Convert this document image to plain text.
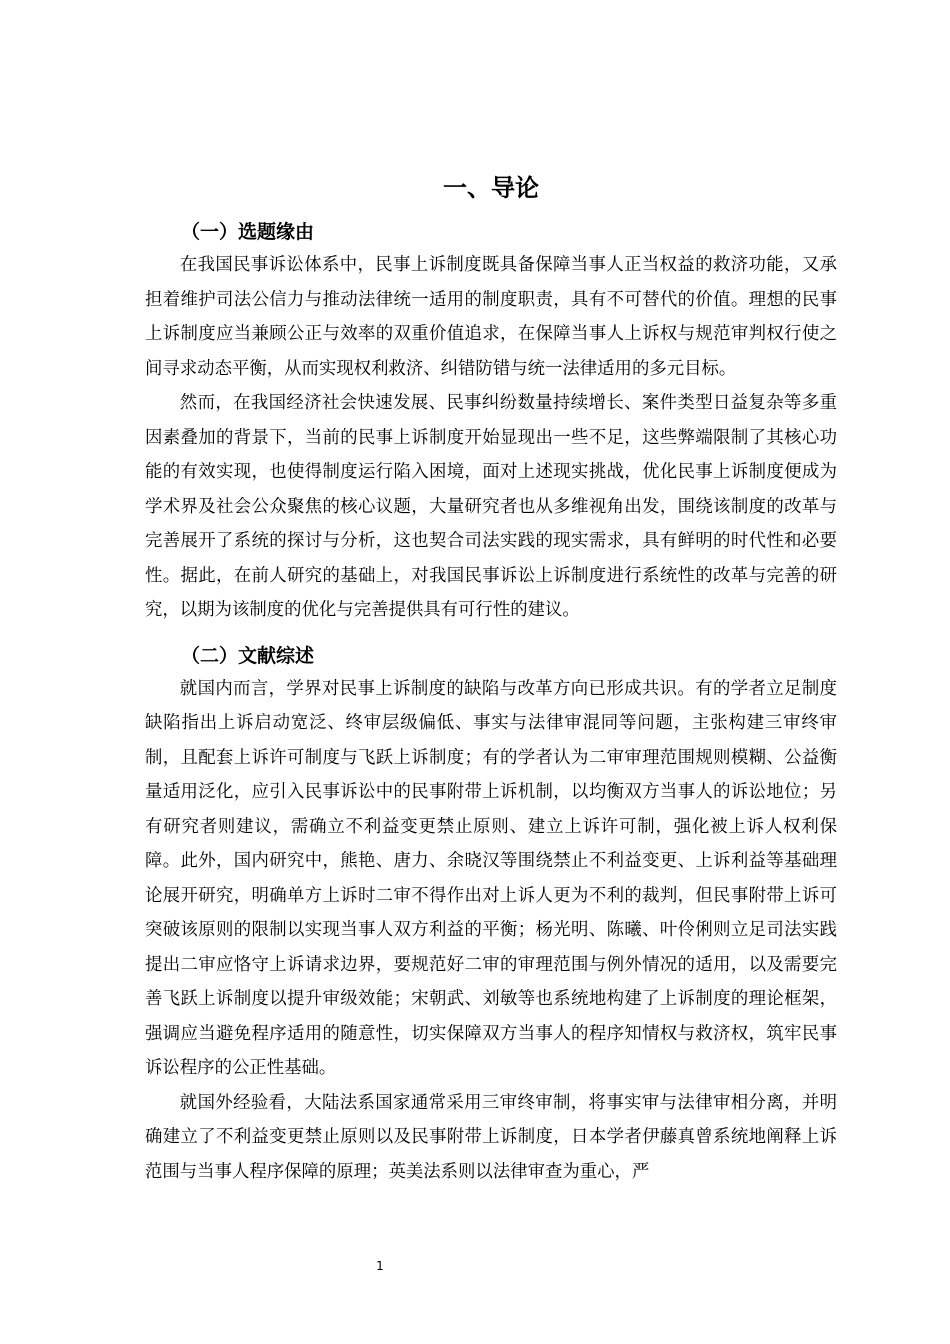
一、导论
（一）选题缘由

在我国民事诉讼体系中，民事上诉制度既具备保障当事人正当权益的救济功能，又承担着维护司法公信力与推动法律统一适用的制度职责，具有不可替代的价值。理想的民事上诉制度应当兼顾公正与效率的双重价值追求，在保障当事人上诉权与规范审判权行使之间寻求动态平衡，从而实现权利救济、纠错防错与统一法律适用的多元目标。

然而，在我国经济社会快速发展、民事纠纷数量持续增长、案件类型日益复杂等多重因素叠加的背景下，当前的民事上诉制度开始显现出一些不足，这些弊端限制了其核心功能的有效实现，也使得制度运行陷入困境，面对上述现实挑战，优化民事上诉制度便成为学术界及社会公众聚焦的核心议题，大量研究者也从多维视角出发，围绕该制度的改革与完善展开了系统的探讨与分析，这也契合司法实践的现实需求，具有鲜明的时代性和必要性。据此，在前人研究的基础上，对我国民事诉讼上诉制度进行系统性的改革与完善的研究，以期为该制度的优化与完善提供具有可行性的建议。

（二）文献综述

就国内而言，学界对民事上诉制度的缺陷与改革方向已形成共识。有的学者立足制度缺陷指出上诉启动宽泛、终审层级偏低、事实与法律审混同等问题，主张构建三审终审制，且配套上诉许可制度与飞跃上诉制度；有的学者认为二审审理范围规则模糊、公益衡量适用泛化，应引入民事诉讼中的民事附带上诉机制，以均衡双方当事人的诉讼地位；另有研究者则建议，需确立不利益变更禁止原则、建立上诉许可制，强化被上诉人权利保障。此外，国内研究中，熊艳、唐力、余晓汉等围绕禁止不利益变更、上诉利益等基础理论展开研究，明确单方上诉时二审不得作出对上诉人更为不利的裁判，但民事附带上诉可突破该原则的限制以实现当事人双方利益的平衡；杨光明、陈曦、叶伶俐则立足司法实践提出二审应恪守上诉请求边界，要规范好二审的审理范围与例外情况的适用，以及需要完善飞跃上诉制度以提升审级效能；宋朝武、刘敏等也系统地构建了上诉制度的理论框架，强调应当避免程序适用的随意性，切实保障双方当事人的程序知情权与救济权，筑牢民事诉讼程序的公正性基础。

就国外经验看，大陆法系国家通常采用三审终审制，将事实审与法律审相分离，并明确建立了不利益变更禁止原则以及民事附带上诉制度，日本学者伊藤真曾系统地阐释上诉范围与当事人程序保障的原理；英美法系则以法律审查为重心，严

1
